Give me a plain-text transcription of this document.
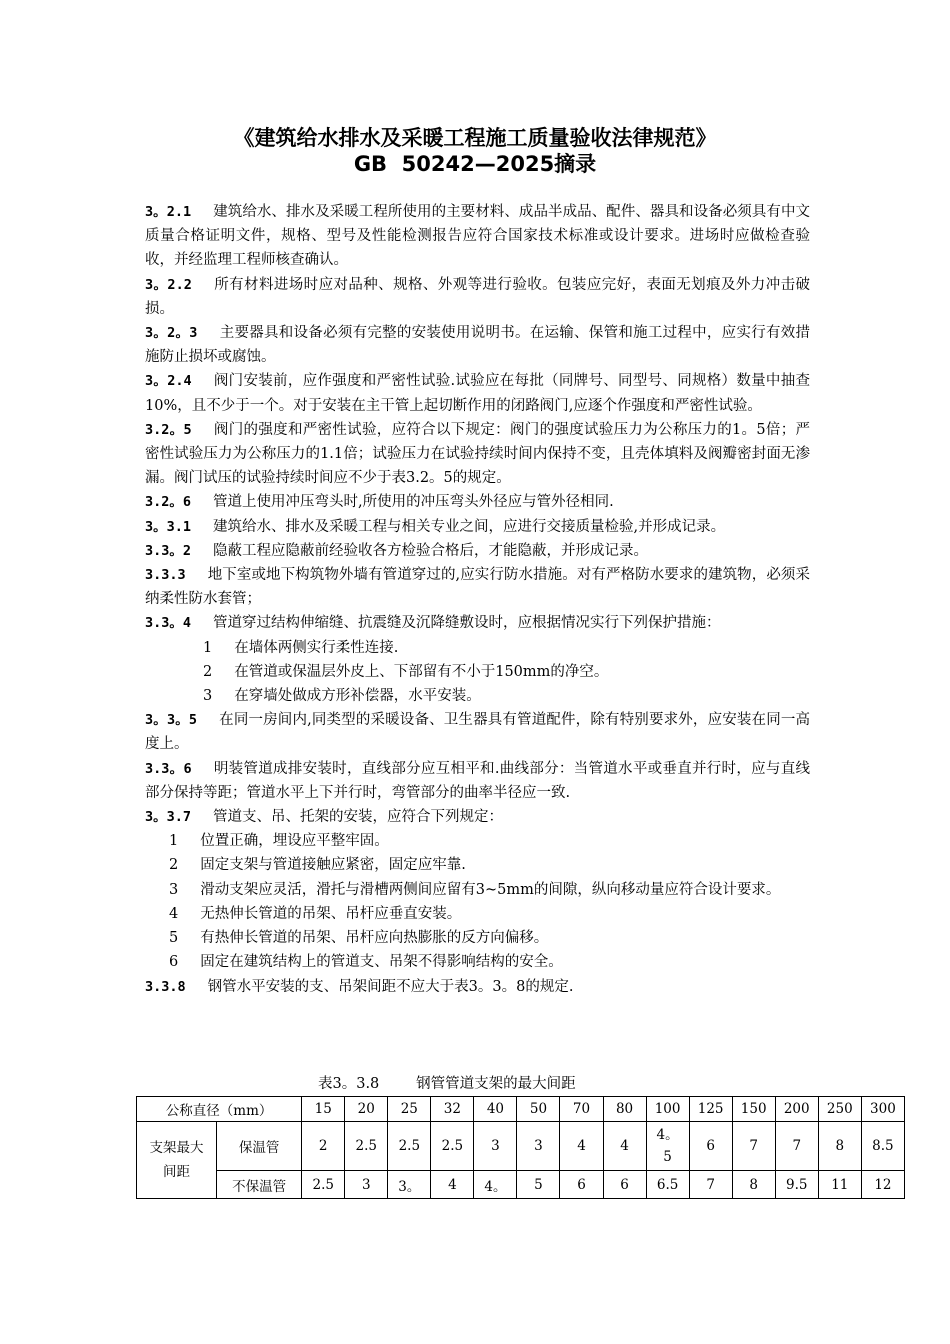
《建筑给水排水及采暖工程施工质量验收法律规范》
GB  50242—2025摘录

3。2.1 建筑给水、排水及采暖工程所使用的主要材料、成品半成品、配件、器具和设备必须具有中文质量合格证明文件，规格、型号及性能检测报告应符合国家技术标准或设计要求。进场时应做检查验收，并经监理工程师核查确认。

3。2.2 所有材料进场时应对品种、规格、外观等进行验收。包装应完好，表面无划痕及外力冲击破损。

3。2。3 主要器具和设备必须有完整的安装使用说明书。在运输、保管和施工过程中，应实行有效措施防止损坏或腐蚀。

3。2.4 阀门安装前，应作强度和严密性试验.试验应在每批（同牌号、同型号、同规格）数量中抽查10%，且不少于一个。对于安装在主干管上起切断作用的闭路阀门,应逐个作强度和严密性试验。

3.2。5 阀门的强度和严密性试验，应符合以下规定：阀门的强度试验压力为公称压力的1。5倍；严密性试验压力为公称压力的1.1倍；试验压力在试验持续时间内保持不变，且壳体填料及阀瓣密封面无渗漏。阀门试压的试验持续时间应不少于表3.2。5的规定。

3.2。6 管道上使用冲压弯头时,所使用的冲压弯头外径应与管外径相同.

3。3.1 建筑给水、排水及采暖工程与相关专业之间，应进行交接质量检验,并形成记录。

3.3。2 隐蔽工程应隐蔽前经验收各方检验合格后，才能隐蔽，并形成记录。

3.3.3 地下室或地下构筑物外墙有管道穿过的,应实行防水措施。对有严格防水要求的建筑物，必须采纳柔性防水套管；

3.3。4 管道穿过结构伸缩缝、抗震缝及沉降缝敷设时，应根据情况实行下列保护措施：

1 在墙体两侧实行柔性连接.

2 在管道或保温层外皮上、下部留有不小于150mm的净空。

3 在穿墙处做成方形补偿器，水平安装。

3。3。5 在同一房间内,同类型的采暖设备、卫生器具有管道配件，除有特别要求外，应安装在同一高度上。

3.3。6 明装管道成排安装时，直线部分应互相平和.曲线部分：当管道水平或垂直并行时，应与直线部分保持等距；管道水平上下并行时，弯管部分的曲率半径应一致.

3。3.7 管道支、吊、托架的安装，应符合下列规定：

1 位置正确，埋设应平整牢固。

2 固定支架与管道接触应紧密，固定应牢靠.

3 滑动支架应灵活，滑托与滑槽两侧间应留有3~5mm的间隙，纵向移动量应符合设计要求。

4 无热伸长管道的吊架、吊杆应垂直安装。

5 有热伸长管道的吊架、吊杆应向热膨胀的反方向偏移。

6 固定在建筑结构上的管道支、吊架不得影响结构的安全。

3.3.8 钢管水平安装的支、吊架间距不应大于表3。3。8的规定.

表3。3.8        钢管管道支架的最大间距
公称直径（mm）		15	20	25	32	40	50	70	80	100	125	150	200	250	300
支架最大间距	保温管	2	2.5	2.5	2.5	3	3	4	4	4。5	6	7	7	8	8.5
	不保温管	2.5	3	3。	4	4。	5	6	6	6.5	7	8	9.5	11	12
